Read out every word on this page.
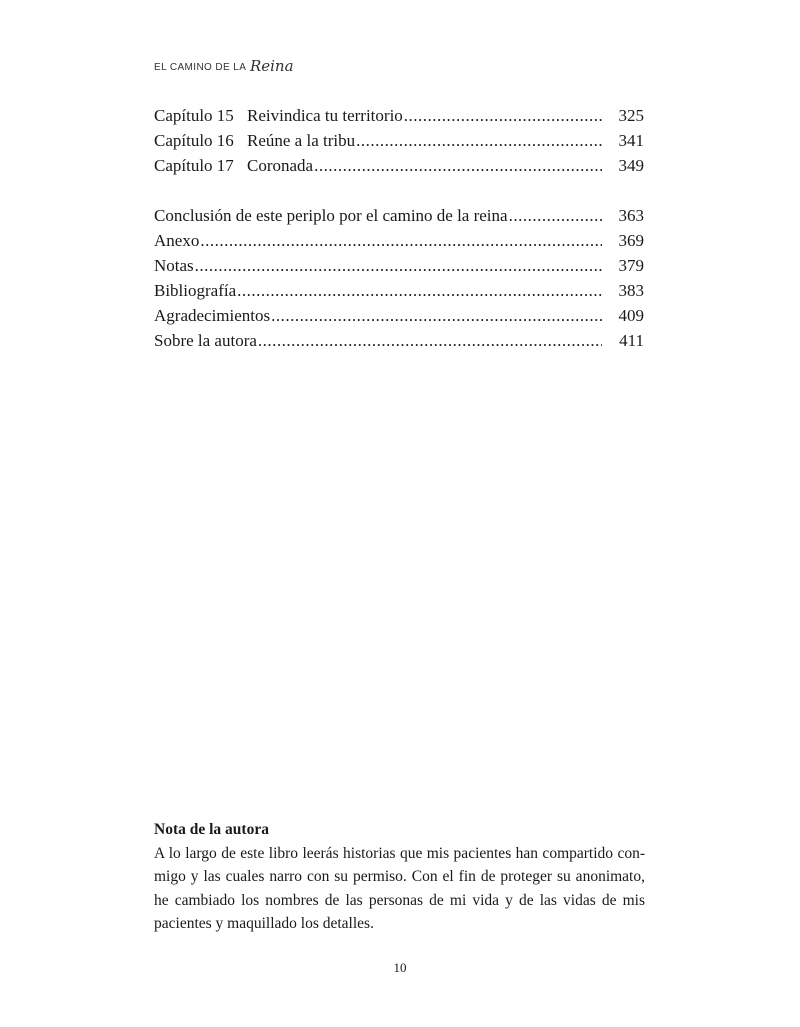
EL CAMINO DE LA Reina
Capítulo 15 Reivindica tu territorio .....	325
Capítulo 16 Reúne a la tribu .....	341
Capítulo 17 Coronada .....	349
Conclusión de este periplo por el camino de la reina .....	363
Anexo .....	369
Notas .....	379
Bibliografía .....	383
Agradecimientos .....	409
Sobre la autora .....	411

Nota de la autora

A lo largo de este libro leerás historias que mis pacientes han compartido conmigo y las cuales narro con su permiso. Con el fin de proteger su anonimato, he cambiado los nombres de las personas de mi vida y de las vidas de mis pacientes y maquillado los detalles.

10
